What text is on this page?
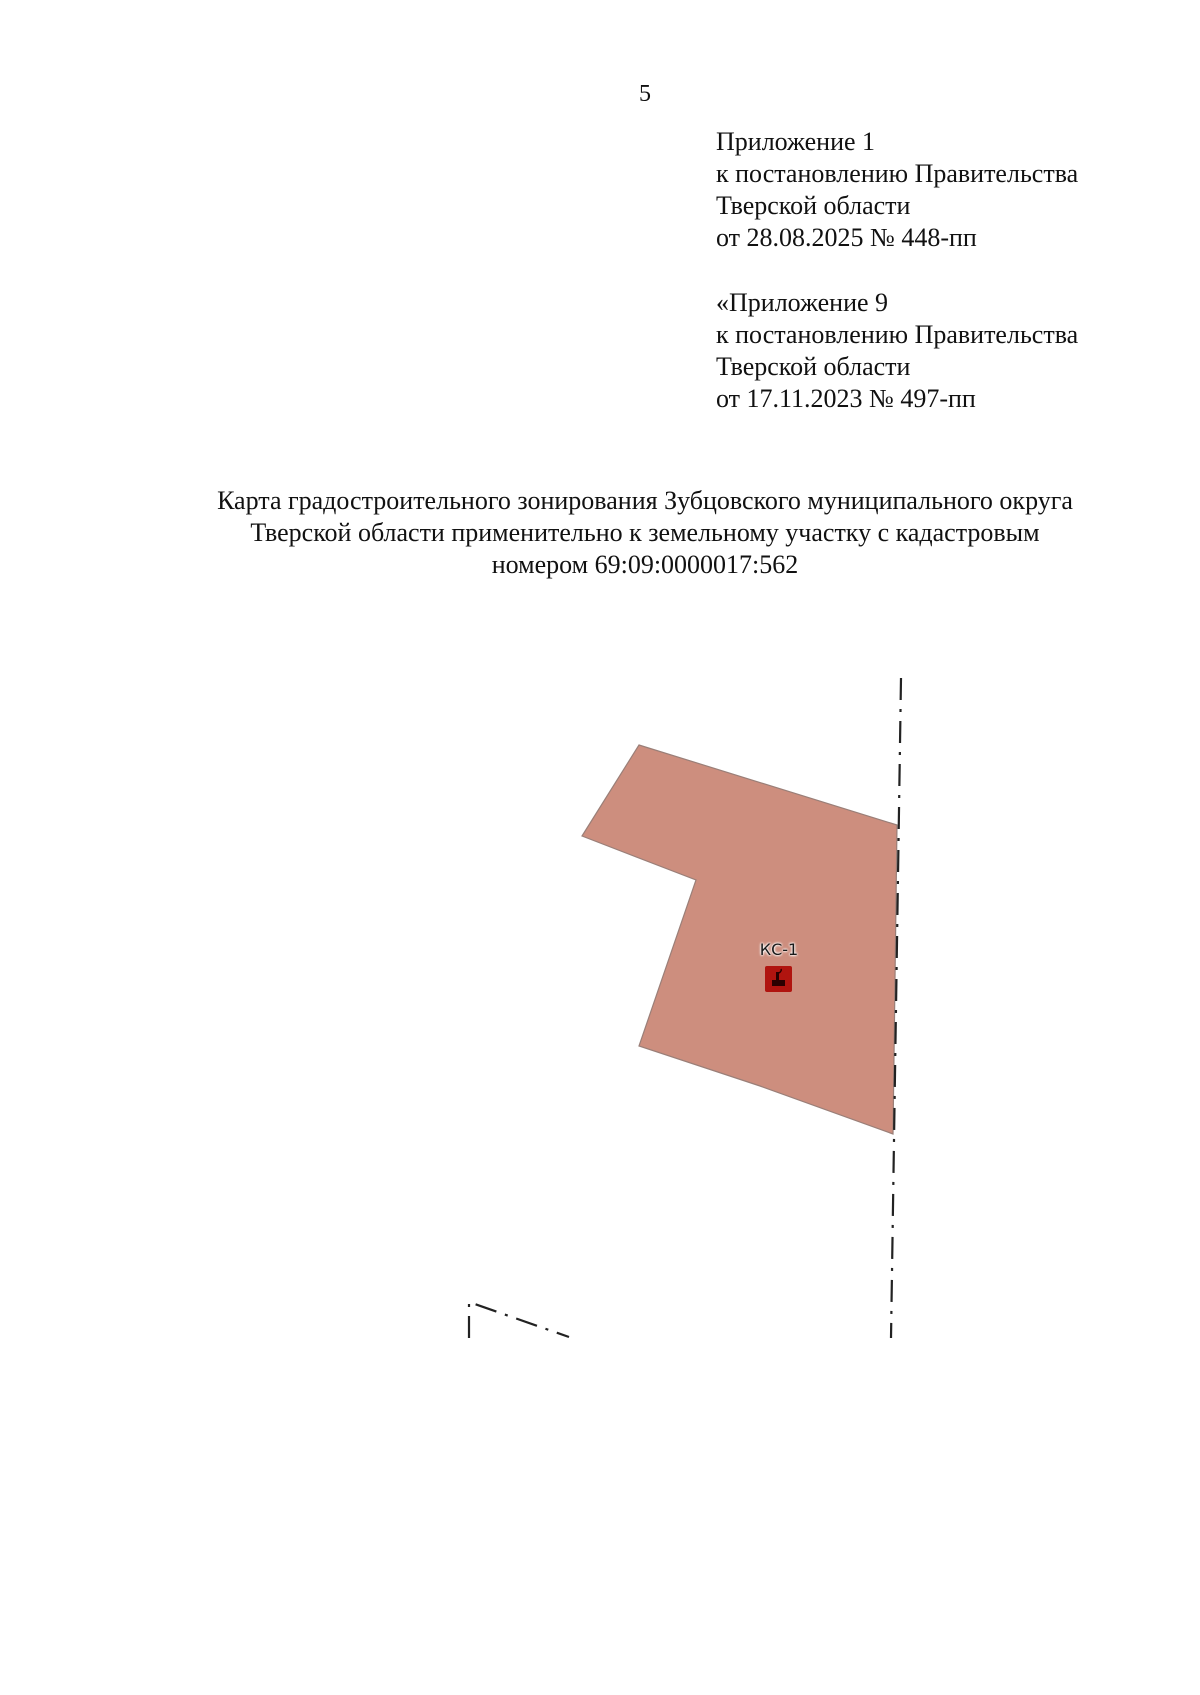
5
Приложение 1
к постановлению Правительства
Тверской области
от 28.08.2025 № 448-пп
«Приложение 9
к постановлению Правительства
Тверской области
от 17.11.2023 № 497-пп
Карта градостроительного зонирования Зубцовского муниципального округа
Тверской области применительно к земельному участку с кадастровым
номером 69:09:0000017:562
КС-1
